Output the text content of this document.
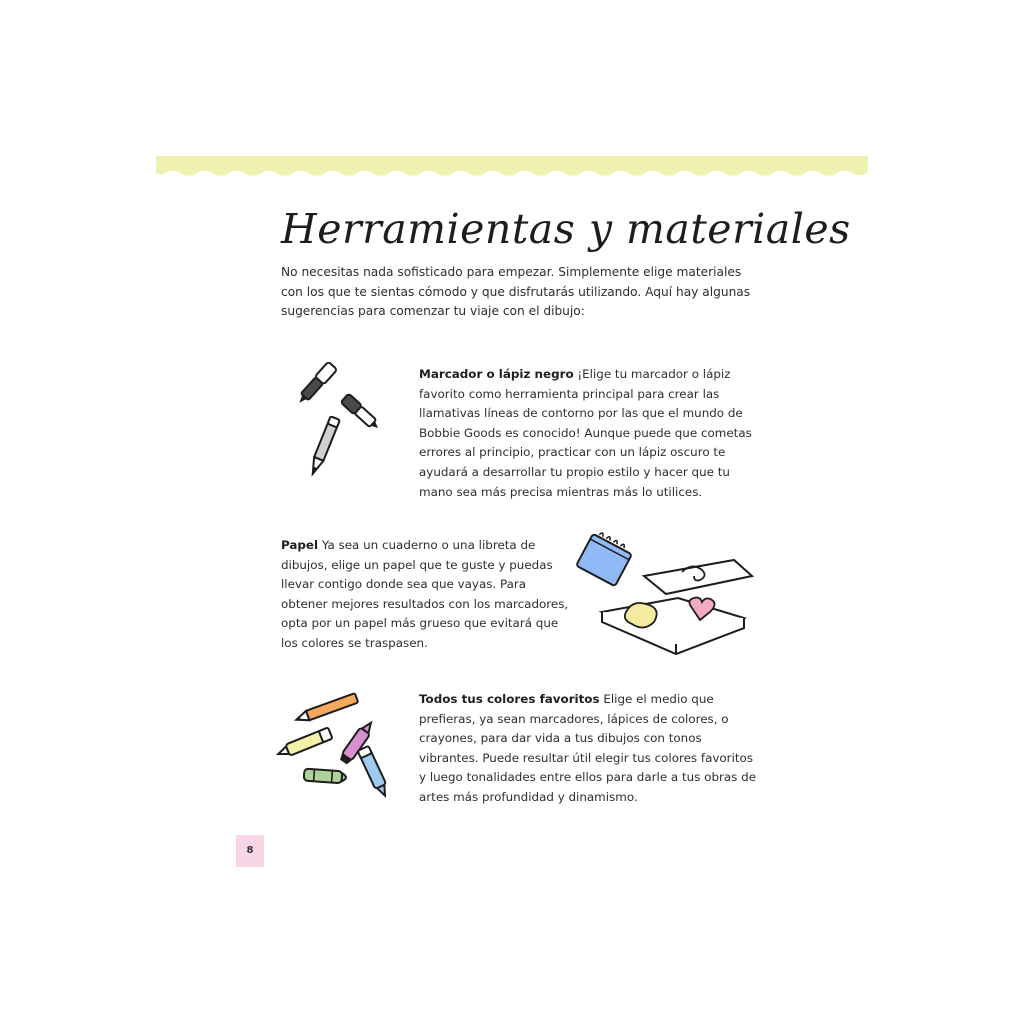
Herramientas y materiales

No necesitas nada sofisticado para empezar. Simplemente elige materiales con los que te sientas cómodo y que disfrutarás utilizando. Aquí hay algunas sugerencias para comenzar tu viaje con el dibujo:

Marcador o lápiz negro ¡Elige tu marcador o lápiz favorito como herramienta principal para crear las llamativas líneas de contorno por las que el mundo de Bobbie Goods es conocido! Aunque puede que cometas errores al principio, practicar con un lápiz oscuro te ayudará a desarrollar tu propio estilo y hacer que tu mano sea más precisa mientras más lo utilices.

Papel Ya sea un cuaderno o una libreta de dibujos, elige un papel que te guste y puedas llevar contigo donde sea que vayas. Para obtener mejores resultados con los marcadores, opta por un papel más grueso que evitará que los colores se traspasen.

Todos tus colores favoritos Elige el medio que prefieras, ya sean marcadores, lápices de colores, o crayones, para dar vida a tus dibujos con tonos vibrantes. Puede resultar útil elegir tus colores favoritos y luego tonalidades entre ellos para darle a tus obras de artes más profundidad y dinamismo.

8
